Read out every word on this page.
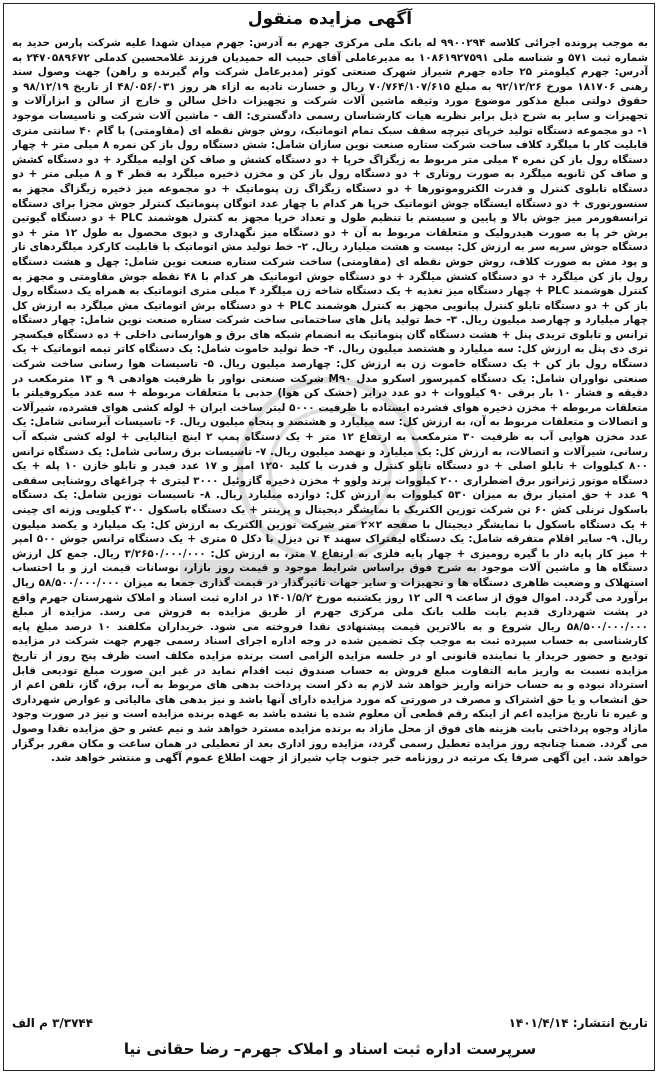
آگهی مزایده منقول

به موجب پرونده اجرائی کلاسه ۹۹۰۰۲۹۴ له بانک ملی مرکزی جهرم به آدرس: جهرم میدان شهدا علیه شرکت پارس حدید به شماره ثبت ۵۷۱ و شناسه ملی ۱۰۸۶۱۹۲۷۵۹۱ به مدیرعاملی آقای حبیب اله حمیدیان فرزند غلامحسین کدملی ۲۴۷۰۵۸۹۶۷۲ به آدرس: جهرم کیلومتر ۲۵ جاده جهرم شیراز شهرک صنعتی کوثر (مدیرعامل شرکت وام گیرنده و راهن) جهت وصول سند رهنی ۱۸۱۷۰۶ مورخ ۹۲/۱۲/۲۶ به مبلغ ۷۰/۷۶۴/۱۰۷/۶۱۵ ریال و خسارت تادیه به ازاء هر روز ۴۸/۰۵۶/۰۳۱ از تاریخ ۹۸/۱۲/۱۹ و حقوق دولتی مبلغ مذکور موضوع مورد وثیقه ماشین آلات شرکت و تجهیزات داخل سالن و خارج از سالن و ابزارآلات و تجهیزات و سایر به شرح ذیل برابر نظریه هیات کارشناسان رسمی دادگستری: الف - ماشین آلات شرکت و تاسیسات موجود ۱- دو مجموعه دستگاه تولید خرپای تیرچه سقف سبک تمام اتوماتیک، روش جوش نقطه ای (مقاومتی) با گام ۴۰ سانتی متری قابلیت کار با میلگرد کلاف ساخت شرکت ستاره صنعت نوین سازان شامل: شش دستگاه رول باز کن نمره ۸ میلی متر + چهار دستگاه رول باز کن نمره ۴ میلی متر مربوط به زیگزاگ خرپا + دو دستگاه کشش و صاف کن اولیه میلگرد + دو دستگاه کشش و صاف کن ثانویه میلگرد به صورت روتاری + دو دستگاه رول باز کن و مخزن ذخیره میلگرد به قطر ۴ و ۸ میلی متر + دو دستگاه تابلوی کنترل و قدرت الکتروموتورها + دو دستگاه زیگزاگ زن پنوماتیک + دو مجموعه میز ذخیره زیگزاگ مجهز به سنسورنوری + دو دستگاه ایستگاه جوش اتوماتیک خرپا هر کدام با چهار عدد اتوگان پنوماتیک کنترلر جوش مجزا برای دستگاه ترانسفورمر میز جوش بالا و پایین و سیستم با تنظیم طول و تعداد خرپا مجهز به کنترل هوشمند PLC + دو دستگاه گیوتین برش خر پا به صورت هیدرولیک و متعلقات مربوط به آن + دو دستگاه میز نگهداری و دپوی محصول به طول ۱۲ متر + دو دستگاه جوش سرپه سر به ارزش کل: بیست و هشت میلیارد ریال. ۲- خط تولید مش اتوماتیک با قابلیت کارکرد میلگردهای تار و پود مش به صورت کلاف، روش جوش نقطه ای (مقاومتی) ساخت شرکت ستاره صنعت نوین شامل: چهل و هشت دستگاه رول باز کن میلگرد + دو دستگاه کشش میلگرد + دو دستگاه جوش اتوماتیک هر کدام با ۴۸ نقطه جوش مقاومتی و مجهز به کنترل هوشمند PLC + چهار دستگاه میز تغذیه + یک دستگاه شاخه زن میلگرد ۴ میلی متری اتوماتیک به همراه یک دستگاه رول باز کن + دو دستگاه تابلو کنترل پیانویی مجهز به کنترل هوشمند PLC + دو دستگاه برش اتوماتیک مش میلگرد به ارزش کل چهار میلیارد و چهارصد میلیون ریال. ۳- خط تولید پانل های ساختمانی ساخت شرکت ستاره صنعت نوین شامل: چهار دستگاه ترانس و تابلوی تریدی پنل + هشت دستگاه گان پنوماتیک به انضمام شبکه های برق و هوارسانی داخلی + ده دستگاه فیکسچر تری دی پنل به ارزش کل: سه میلیارد و هشتصد میلیون ریال. ۴- خط تولید خاموت شامل: یک دستگاه کاتر تیمه اتوماتیک + یک دستگاه رول باز کن + یک دستگاه خاموت زن به ارزش کل: چهارصد میلیون ریال. ۵- تاسیسات هوا رسانی ساخت شرکت صنعتی نواوران شامل: یک دستگاه کمپرسور اسکرو مدل M۹۰ شرکت صنعتی نواور با ظرفیت هوادهی ۹ و ۱۳ مترمکعب در دقیقه و فشار ۱۰ بار برقی ۹۰ کیلووات + دو عدد درایر (خشک کن هوا) جذبی با متعلقات مربوطه + سه عدد میکروفیلتر با متعلقات مربوطه + مخزن ذخیره هوای فشرده ایستاده با ظرفیت ۵۰۰۰ لیتر ساخت ایران + لوله کشی هوای فشرده، شیرآلات و اتصالات و متعلقات مربوط به آن، به ارزش کل: سه میلیارد و هشتصد و پنجاه میلیون ریال. ۶- تاسیسات آبرسانی شامل: یک عدد مخزن هوایی آب به ظرفیت ۳۰ مترمکعب به ارتفاع ۱۲ متر + یک دستگاه پمپ ۲ اینچ ایتالیایی + لوله کشی شبکه آب رسانی، شیرآلات و اتصالات، به ارزش کل: یک میلیارد و نهصد میلیون ریال. ۷- تاسیسات برق رسانی شامل: یک دستگاه ترانس ۸۰۰ کیلووات + تابلو اصلی + دو دستگاه تابلو کنترل و قدرت با کلید ۱۲۵۰ امپر و ۱۷ عدد فیدر و تابلو خازن ۱۰ پله + یک دستگاه موتور ژنراتور برق اضطراری ۲۰۰ کیلووات برند ولوو + مخزن ذخیره گازوئیل ۳۰۰۰ لیتری + چراغهای روشنایی سقفی ۹ عدد + حق امتیاز برق به میزان ۵۳۰ کیلووات به ارزش کل: دوازده میلیارد ریال. ۸- تاسیسات توزین شامل: یک دستگاه باسکول ترنلی کش ۶۰ تن شرکت توزین الکتریک با نمایشگر دیجیتال و پرینتر + یک دستگاه باسکول ۳۰۰ کیلویی وزنه ای چینی + یک دستگاه باسکول با نمایشگر دیجیتال با صفحه ۲×۲ متر شرکت توزین الکتریک به ارزش کل: یک میلیارد و یکصد میلیون ریال. ۹- سایر اقلام متفرقه شامل: یک دستگاه لیفتراک سهند ۴ تن دیزل با دکل ۵ متری + یک دستگاه ترانس جوش ۵۰۰ امپر + میز کار پایه دار با گیره رومیزی + چهار پایه فلزی به ارتفاع ۷ متر، به ارزش کل: ۳/۲۶۵۰/۰۰۰/۰۰۰ ریال. جمع کل ارزش دستگاه ها و ماشین آلات موجود به شرح فوق براساس شرایط موجود و قیمت روز بازار، نوسانات قیمت ارز و با احتساب استهلاک و وضعیت ظاهری دستگاه ها و تجهیزات و سایر جهات تاثیرگذار در قیمت گذاری جمعا به میزان ۵۸/۵۰۰/۰۰۰/۰۰۰ ریال برآورد می گردد. اموال فوق از ساعت ۹ الی ۱۲ روز یکشنبه مورخ ۱۴۰۱/۵/۲ در اداره ثبت اسناد و املاک شهرستان جهرم واقع در پشت شهرداری قدیم بابت طلب بانک ملی مرکزی جهرم از طریق مزایده به فروش می رسد. مزایده از مبلغ ۵۸/۵۰۰/۰۰۰/۰۰۰ ریال شروع و به بالاترین قیمت پیشنهادی نقدا فروخته می شود. خریداران مکلفند ۱۰ درصد مبلغ پایه کارشناسی به حساب سپرده ثبت به موجب چک تضمین شده در وجه اداره اجرای اسناد رسمی جهرم جهت شرکت در مزایده تودیع و حضور خریدار یا نماینده قانونی او در جلسه مزایده الزامی است برنده مزایده مکلف است ظرف پنج روز از تاریخ مزایده نسبت به واریز مابه التفاوت مبلغ فروش به حساب صندوق ثبت اقدام نماید در غیر این صورت مبلغ تودیعی قابل استرداد نبوده و به حساب خزانه واریز خواهد شد لازم به ذکر است پرداخت بدهی های مربوط به آب، برق، گاز، تلفن اعم از حق انشعاب و یا حق اشتراک و مصرف در صورتی که مورد مزایده دارای آنها باشد و نیز بدهی های مالیاتی و عوارض شهرداری و غیره تا تاریخ مزایده اعم از اینکه رقم قطعی آن معلوم شده یا نشده باشد به عهده برنده مزایده است و نیز در صورت وجود مازاد وجوه پرداختی بابت هزینه های فوق از محل مازاد به برنده مزایده مسترد خواهد شد و نیم عشر و حق مزایده نقدا وصول می گردد. ضمنا چنانچه روز مزایده تعطیل رسمی گردد، مزایده روز اداری بعد از تعطیلی در همان ساعت و مکان مقرر برگزار خواهد شد. این آگهی صرفا یک مرتبه در روزنامه خبر جنوب چاپ شیراز از جهت اطلاع عموم آگهی و منتشر خواهد شد.

تاریخ انتشار: ۱۴۰۱/۴/۱۴
۳/۳۷۴۴ م الف
سرپرست اداره ثبت اسناد و املاک جهرم– رضا حقانی نیا
